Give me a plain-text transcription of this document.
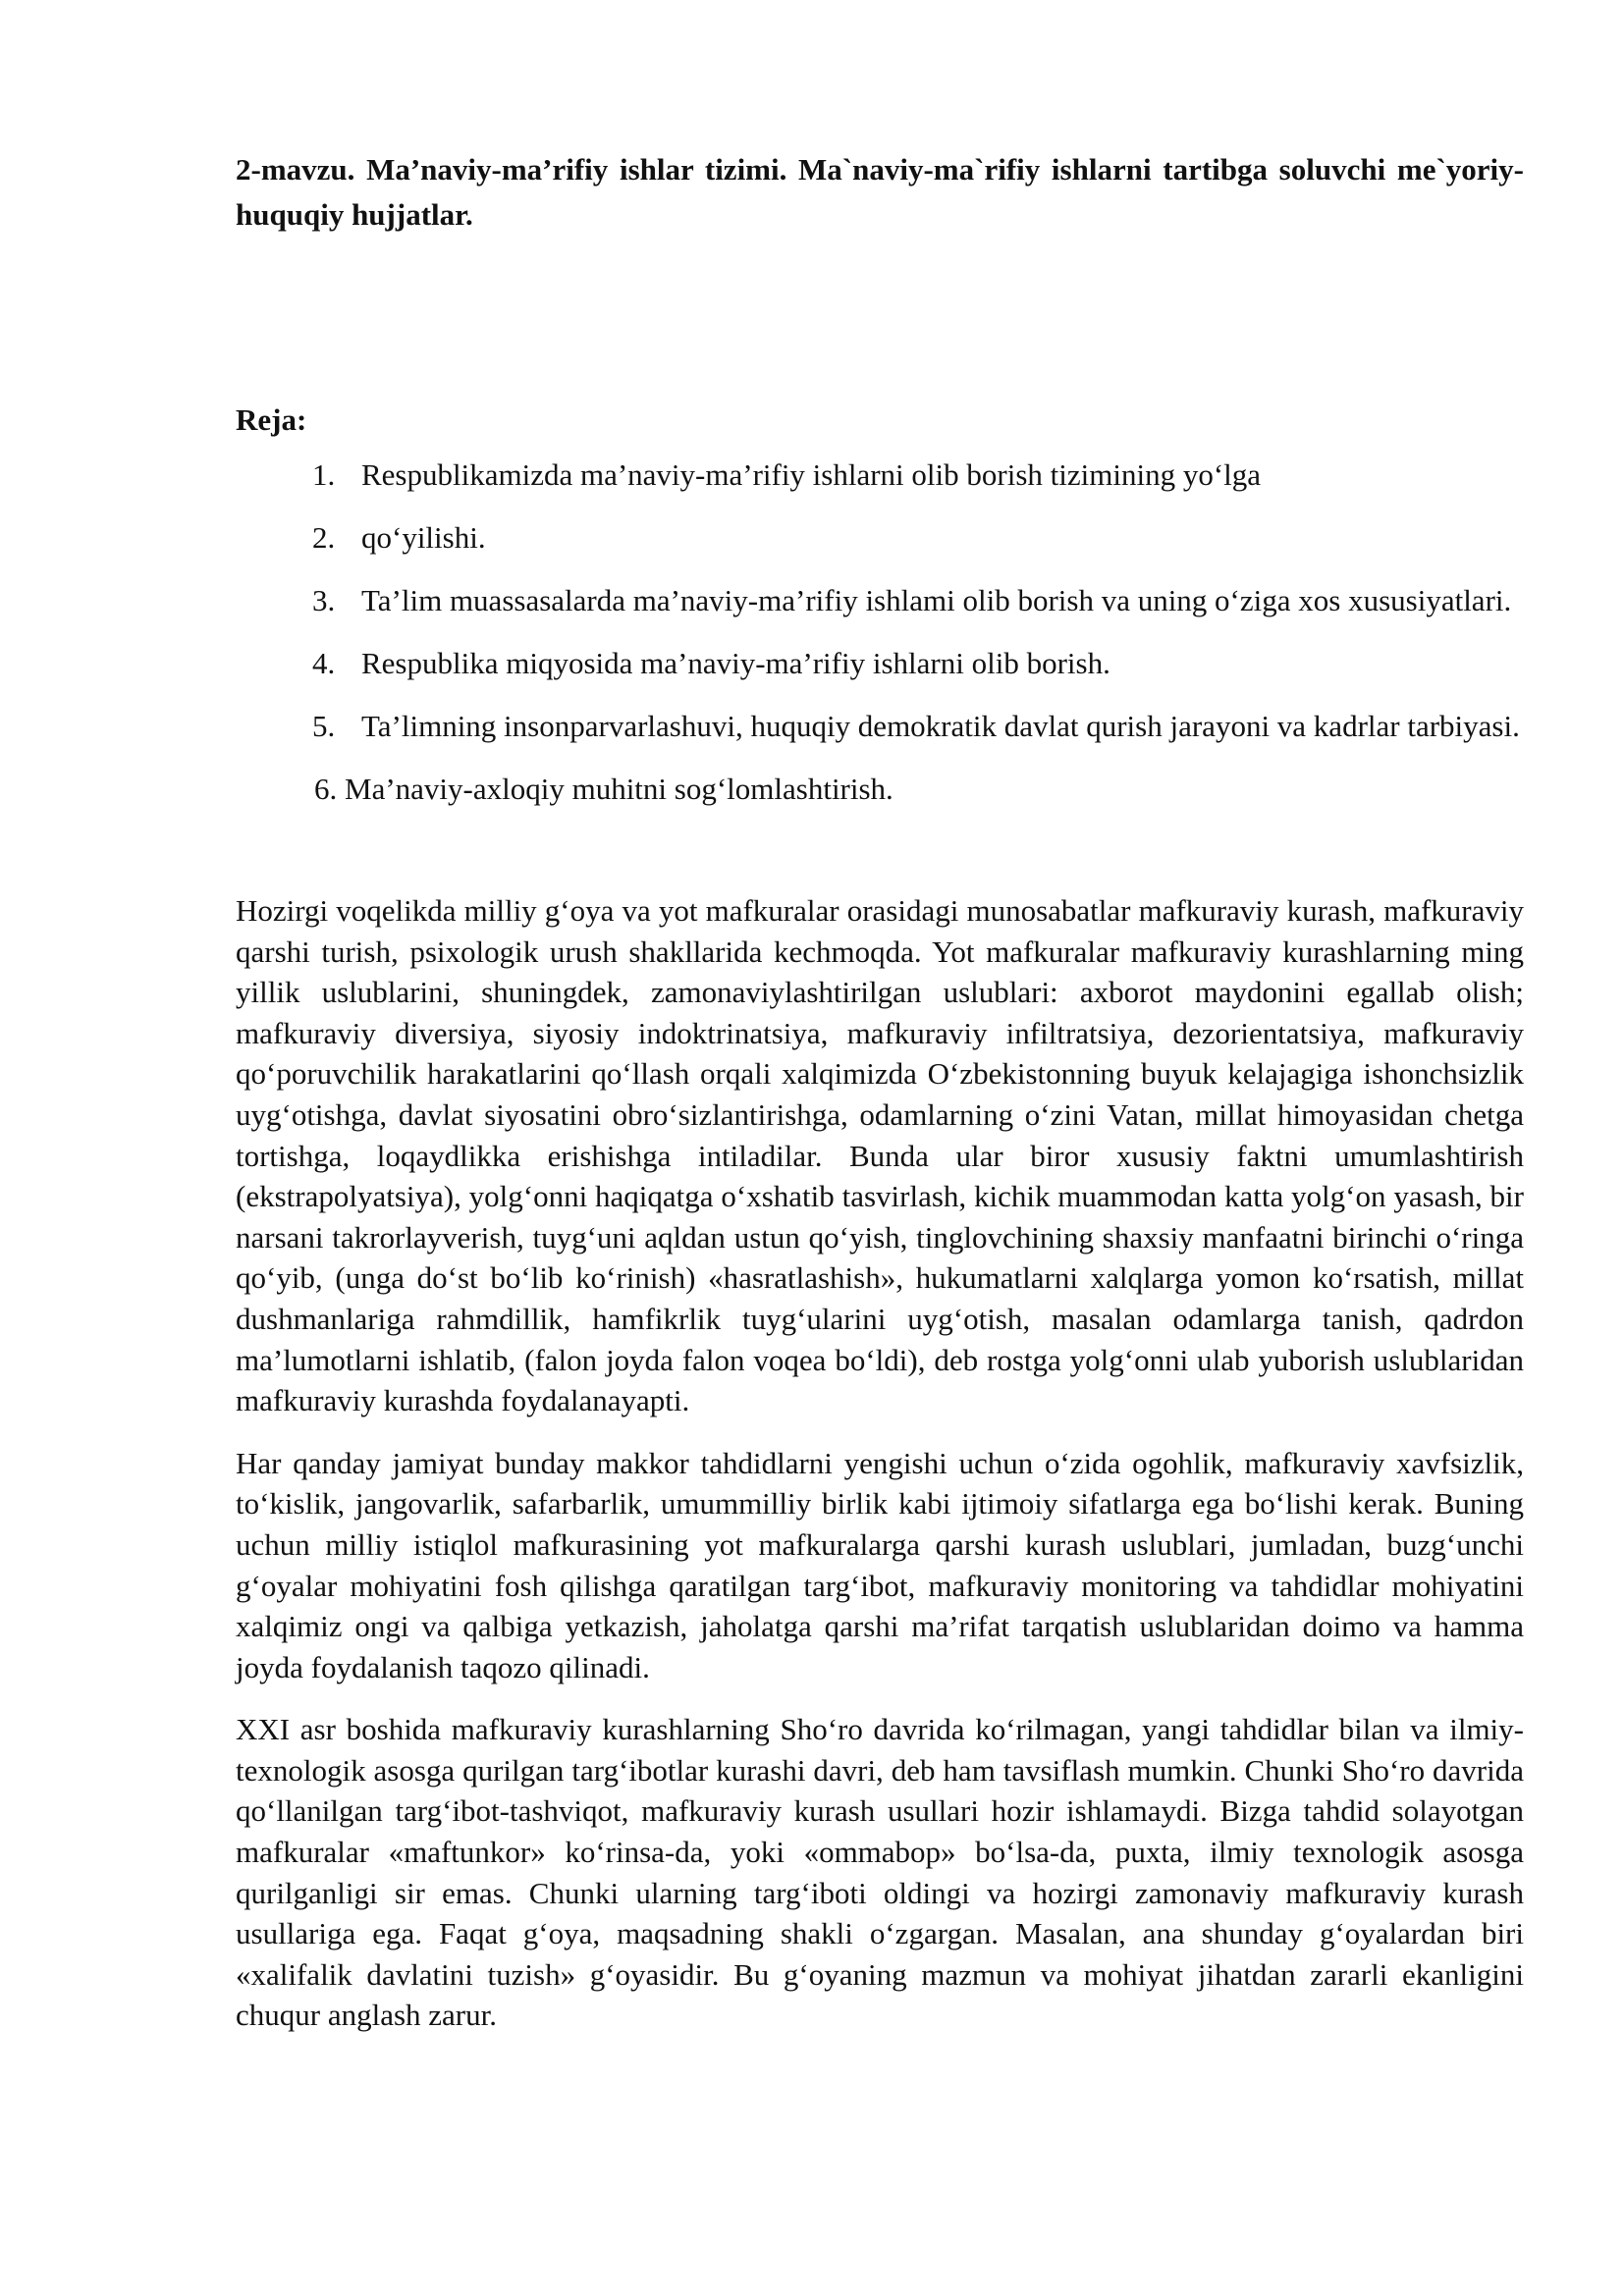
2-mavzu. Ma’naviy-ma’rifiy ishlar tizimi. Ma`naviy-ma`rifiy ishlarni tartibga soluvchi me`yoriy-huquqiy hujjatlar.

Reja:
1. Respublikamizda ma’naviy-ma’rifiy ishlarni olib borish tizimining yo‘lga
2. qo‘yilishi.
3. Ta’lim muassasalarda ma’naviy-ma’rifiy ishlami olib borish va uning o‘ziga xos xususiyatlari.
4. Respublika miqyosida ma’naviy-ma’rifiy ishlarni olib borish.
5. Ta’limning insonparvarlashuvi, huquqiy demokratik davlat qurish jarayoni va kadrlar tarbiyasi.
6. Ma’naviy-axloqiy muhitni sog‘lomlashtirish.

Hozirgi voqelikda milliy g‘oya va yot mafkuralar orasidagi munosabatlar mafkuraviy kurash, mafkuraviy qarshi turish, psixologik urush shakllarida kechmoqda. Yot mafkuralar mafkuraviy kurashlarning ming yillik uslublarini, shuningdek, zamonaviylashtirilgan uslublari: axborot maydonini egallab olish; mafkuraviy diversiya, siyosiy indoktrinatsiya, mafkuraviy infiltratsiya, dezorientatsiya, mafkuraviy qo‘poruvchilik harakatlarini qo‘llash orqali xalqimizda O‘zbekistonning buyuk kelajagiga ishonchsizlik uyg‘otishga, davlat siyosatini obro‘sizlantirishga, odamlarning o‘zini Vatan, millat himoyasidan chetga tortishga, loqaydlikka erishishga intiladilar. Bunda ular biror xususiy faktni umumlashtirish (ekstrapolyatsiya), yolg‘onni haqiqatga o‘xshatib tasvirlash, kichik muammodan katta yolg‘on yasash, bir narsani takrorlayverish, tuyg‘uni aqldan ustun qo‘yish, tinglovchining shaxsiy manfaatni birinchi o‘ringa qo‘yib, (unga do‘st bo‘lib ko‘rinish) «hasratlashish», hukumatlarni xalqlarga yomon ko‘rsatish, millat dushmanlariga rahmdillik, hamfikrlik tuyg‘ularini uyg‘otish, masalan odamlarga tanish, qadrdon ma’lumotlarni ishlatib, (falon joyda falon voqea bo‘ldi), deb rostga yolg‘onni ulab yuborish uslublaridan mafkuraviy kurashda foydalanayapti.

Har qanday jamiyat bunday makkor tahdidlarni yengishi uchun o‘zida ogohlik, mafkuraviy xavfsizlik, to‘kislik, jangovarlik, safarbarlik, umummilliy birlik kabi ijtimoiy sifatlarga ega bo‘lishi kerak. Buning uchun milliy istiqlol mafkurasining yot mafkuralarga qarshi kurash uslublari, jumladan, buzg‘unchi g‘oyalar mohiyatini fosh qilishga qaratilgan targ‘ibot, mafkuraviy monitoring va tahdidlar mohiyatini xalqimiz ongi va qalbiga yetkazish, jaholatga qarshi ma’rifat tarqatish uslublaridan doimo va hamma joyda foydalanish taqozo qilinadi.

XXI asr boshida mafkuraviy kurashlarning Sho‘ro davrida ko‘rilmagan, yangi tahdidlar bilan va ilmiy-texnologik asosga qurilgan targ‘ibotlar kurashi davri, deb ham tavsiflash mumkin. Chunki Sho‘ro davrida qo‘llanilgan targ‘ibot-tashviqot, mafkuraviy kurash usullari hozir ishlamaydi. Bizga tahdid solayotgan mafkuralar «maftunkor» ko‘rinsa-da, yoki «ommabop» bo‘lsa-da, puxta, ilmiy texnologik asosga qurilganligi sir emas. Chunki ularning targ‘iboti oldingi va hozirgi zamonaviy mafkuraviy kurash usullariga ega. Faqat g‘oya, maqsadning shakli o‘zgargan. Masalan, ana shunday g‘oyalardan biri «xalifalik davlatini tuzish» g‘oyasidir. Bu g‘oyaning mazmun va mohiyat jihatdan zararli ekanligini chuqur anglash zarur.
